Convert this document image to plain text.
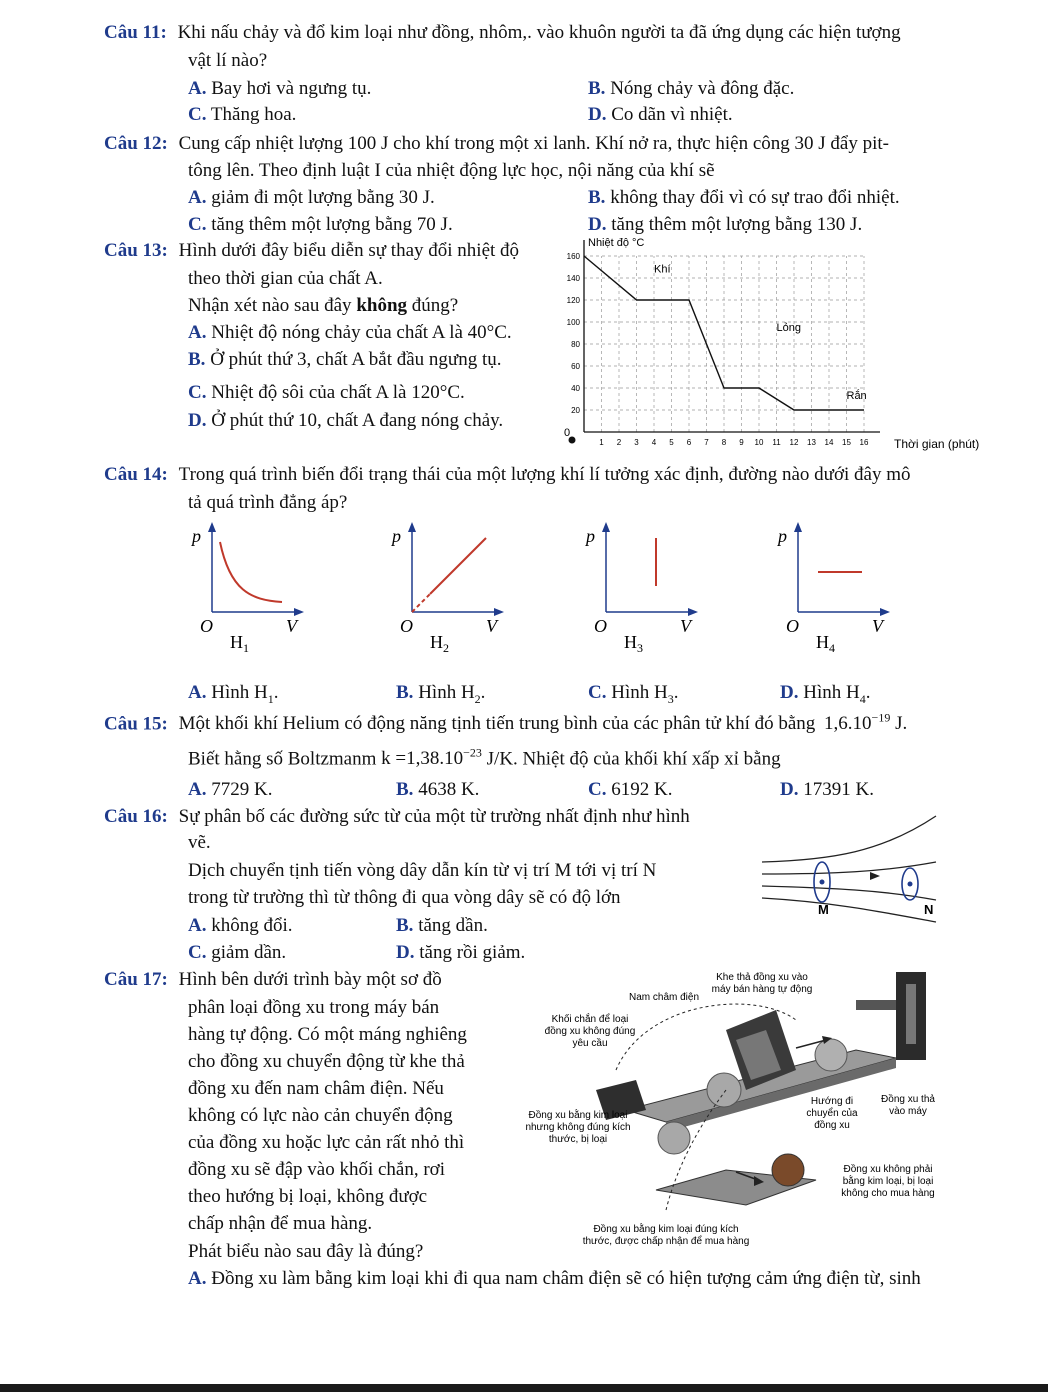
Câu 11: Khi nấu chảy và đổ kim loại như đồng, nhôm,. vào khuôn người ta đã ứng dụng các hiện tượng
vật lí nào?
A. Bay hơi và ngưng tụ.	B. Nóng chảy và đông đặc.
C. Thăng hoa.	D. Co dãn vì nhiệt.
Câu 12: Cung cấp nhiệt lượng 100 J cho khí trong một xi lanh. Khí nở ra, thực hiện công 30 J đẩy pit-
tông lên. Theo định luật I của nhiệt động lực học, nội năng của khí sẽ
A. giảm đi một lượng bằng 30 J.	B. không thay đổi vì có sự trao đổi nhiệt.
C. tăng thêm một lượng bằng 70 J.	D. tăng thêm một lượng bằng 130 J.
Câu 13: Hình dưới đây biểu diễn sự thay đổi nhiệt độ
theo thời gian của chất A.
Nhận xét nào sau đây không đúng?
A. Nhiệt độ nóng chảy của chất A là 40°C.
B. Ở phút thứ 3, chất A bắt đầu ngưng tụ.
C. Nhiệt độ sôi của chất A là 120°C.
D. Ở phút thứ 10, chất A đang nóng chảy.
0
20
40
60
80
100
120
140
160
1 2 3 4 5 6 7 8 9 10 11 12 13 14 15 16
Nhiệt độ °C
Thời gian (phút)
Khí
Lỏng
Rắn
Câu 14: Trong quá trình biến đổi trạng thái của một lượng khí lí tưởng xác định, đường nào dưới đây mô
tả quá trình đẳng áp?
p
O	V
$H_1$
p
O	V
$H_2$
p
O	V
$H_3$
p
O	V
$H_4$
A. Hình $H_1$.	B. Hình $H_2$.	C. Hình $H_3$.	D. Hình $H_4$.
Câu 15: Một khối khí Helium có động năng tịnh tiến trung bình của các phân tử khí đó bằng $1,6.10^{-19}$ J.
Biết hằng số Boltzmanm $k =1,38.10^{-23}$ J/K. Nhiệt độ của khối khí xấp xỉ bằng
A. 7729 K.	B. 4638 K.	C. 6192 K.	D. 17391 K.
Câu 16: Sự phân bố các đường sức từ của một từ trường nhất định như hình
vẽ.
Dịch chuyển tịnh tiến vòng dây dẫn kín từ vị trí M tới vị trí N
trong từ trường thì từ thông đi qua vòng dây sẽ có độ lớn
A. không đổi.	B. tăng dần.
C. giảm dần.	D. tăng rồi giảm.
M	N
Câu 17: Hình bên dưới trình bày một sơ đồ
phân loại đồng xu trong máy bán
hàng tự động. Có một máng nghiêng
cho đồng xu chuyển động từ khe thả
đồng xu đến nam châm điện. Nếu
không có lực nào cản chuyển động
của đồng xu hoặc lực cản rất nhỏ thì
đồng xu sẽ đập vào khối chắn, rơi
theo hướng bị loại, không được
chấp nhận để mua hàng.
Phát biểu nào sau đây là đúng?
A. Đồng xu làm bằng kim loại khi đi qua nam châm điện sẽ có hiện tượng cảm ứng điện từ, sinh
Khe thả đồng xu vào
máy bán hàng tự động
Nam châm điện
Khối chắn để loại
đồng xu không đúng
yêu cầu
Đồng xu thả
vào máy
Hướng đi
chuyển của
đồng xu
Đồng xu bằng kim loại
nhưng không đúng kích
thước, bị loại
Đồng xu không phải
bằng kim loại, bị loại
không cho mua hàng
Đồng xu bằng kim loại đúng kích
thước, được chấp nhận để mua hàng
